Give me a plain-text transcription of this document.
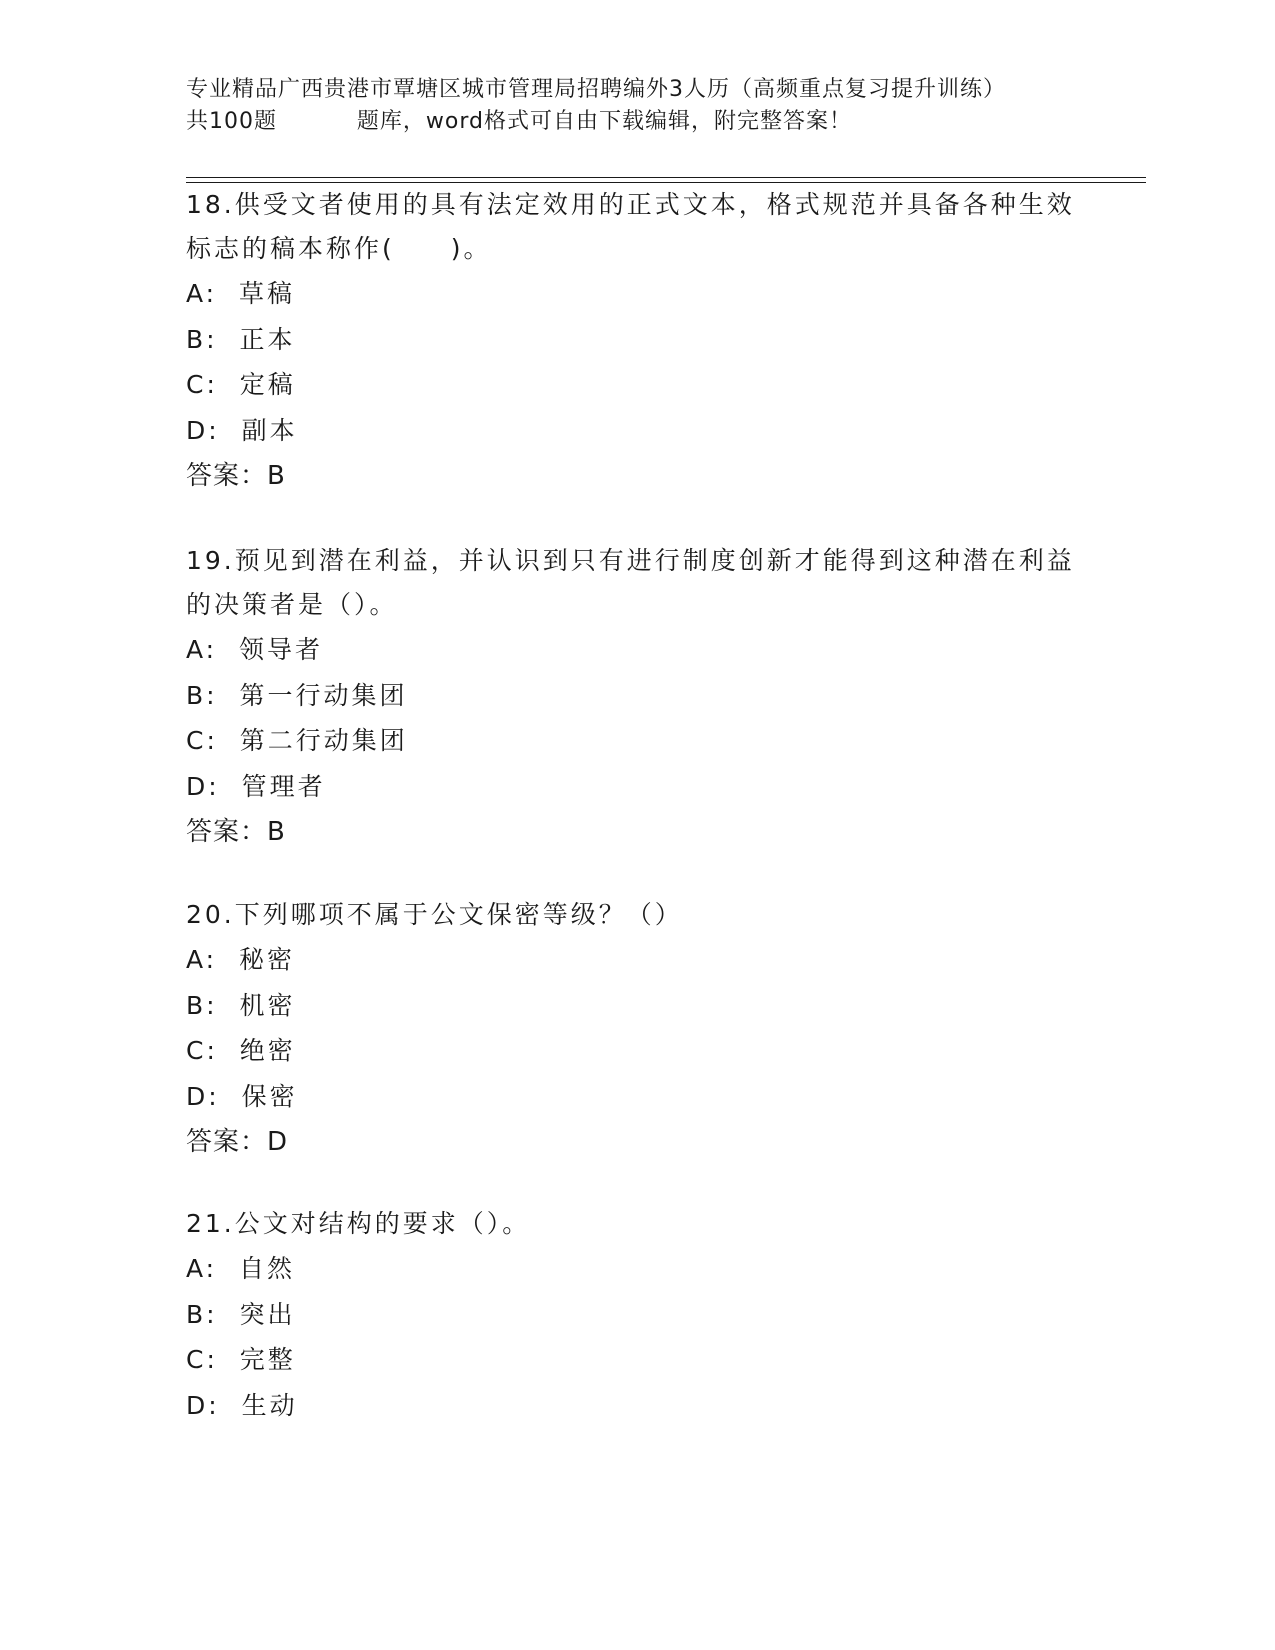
专业精品广西贵港市覃塘区城市管理局招聘编外3人历（高频重点复习提升训练）
共100题          题库，word格式可自由下载编辑，附完整答案！
18.供受文者使用的具有法定效用的正式文本，格式规范并具备各种生效标志的稿本称作(　　)。
A:  草稿
B:  正本
C:  定稿
D:  副本
答案：B
19.预见到潜在利益，并认识到只有进行制度创新才能得到这种潜在利益的决策者是（）。
A:  领导者
B:  第一行动集团
C:  第二行动集团
D:  管理者
答案：B
20.下列哪项不属于公文保密等级？（）
A:  秘密
B:  机密
C:  绝密
D:  保密
答案：D
21.公文对结构的要求（）。
A:  自然
B:  突出
C:  完整
D:  生动
